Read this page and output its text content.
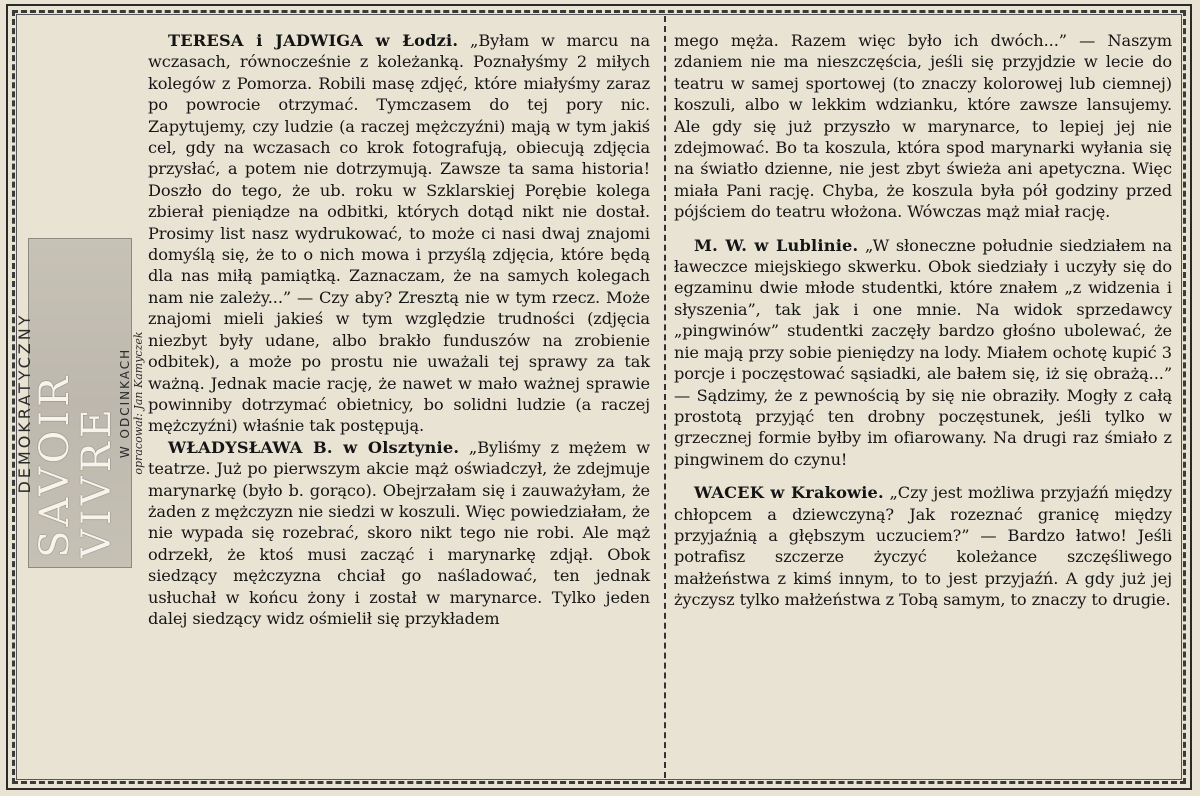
DEMOKRATYCZNY
SAVOIR VIVRE
W ODCINKACH opracował: Jan Kamyczek

TERESA i JADWIGA w Łodzi. „Byłam w marcu na wczasach, równocześnie z koleżanką. Poznałyśmy 2 miłych kolegów z Pomorza. Robili masę zdjęć, które miałyśmy zaraz po powrocie otrzymać. Tymczasem do tej pory nic. Zapytujemy, czy ludzie (a raczej mężczyźni) mają w tym jakiś cel, gdy na wczasach co krok fotografują, obiecują zdjęcia przysłać, a potem nie dotrzymują. Zawsze ta sama historia! Doszło do tego, że ub. roku w Szklarskiej Porębie kolega zbierał pieniądze na odbitki, których dotąd nikt nie dostał. Prosimy list nasz wydrukować, to może ci nasi dwaj znajomi domyślą się, że to o nich mowa i przyślą zdjęcia, które będą dla nas miłą pamiątką. Zaznaczam, że na samych kolegach nam nie zależy...” — Czy aby? Zresztą nie w tym rzecz. Może znajomi mieli jakieś w tym względzie trudności (zdjęcia niezbyt były udane, albo brakło funduszów na zrobienie odbitek), a może po prostu nie uważali tej sprawy za tak ważną. Jednak macie rację, że nawet w mało ważnej sprawie powinniby dotrzymać obietnicy, bo solidni ludzie (a raczej mężczyźni) właśnie tak postępują.

WŁADYSŁAWA B. w Olsztynie. „Byliśmy z mężem w teatrze. Już po pierwszym akcie mąż oświadczył, że zdejmuje marynarkę (było b. gorąco). Obejrzałam się i zauważyłam, że żaden z mężczyzn nie siedzi w koszuli. Więc powiedziałam, że nie wypada się rozebrać, skoro nikt tego nie robi. Ale mąż odrzekł, że ktoś musi zacząć i marynarkę zdjął. Obok siedzący mężczyzna chciał go naśladować, ten jednak usłuchał w końcu żony i został w marynarce. Tylko jeden dalej siedzący widz ośmielił się przykładem

mego męża. Razem więc było ich dwóch...” — Naszym zdaniem nie ma nieszczęścia, jeśli się przyjdzie w lecie do teatru w samej sportowej (to znaczy kolorowej lub ciemnej) koszuli, albo w lekkim wdzianku, które zawsze lansujemy. Ale gdy się już przyszło w marynarce, to lepiej jej nie zdejmować. Bo ta koszula, która spod marynarki wyłania się na światło dzienne, nie jest zbyt świeża ani apetyczna. Więc miała Pani rację. Chyba, że koszula była pół godziny przed pójściem do teatru włożona. Wówczas mąż miał rację.

M. W. w Lublinie. „W słoneczne południe siedziałem na ławeczce miejskiego skwerku. Obok siedziały i uczyły się do egzaminu dwie młode studentki, które znałem „z widzenia i słyszenia”, tak jak i one mnie. Na widok sprzedawcy „pingwinów” studentki zaczęły bardzo głośno ubolewać, że nie mają przy sobie pieniędzy na lody. Miałem ochotę kupić 3 porcje i poczęstować sąsiadki, ale bałem się, iż się obrażą...” — Sądzimy, że z pewnością by się nie obraziły. Mogły z całą prostotą przyjąć ten drobny poczęstunek, jeśli tylko w grzecznej formie byłby im ofiarowany. Na drugi raz śmiało z pingwinem do czynu!

WACEK w Krakowie. „Czy jest możliwa przyjaźń między chłopcem a dziewczyną? Jak rozeznać granicę między przyjaźnią a głębszym uczuciem?” — Bardzo łatwo! Jeśli potrafisz szczerze życzyć koleżance szczęśliwego małżeństwa z kimś innym, to to jest przyjaźń. A gdy już jej życzysz tylko małżeństwa z Tobą samym, to znaczy to drugie.
